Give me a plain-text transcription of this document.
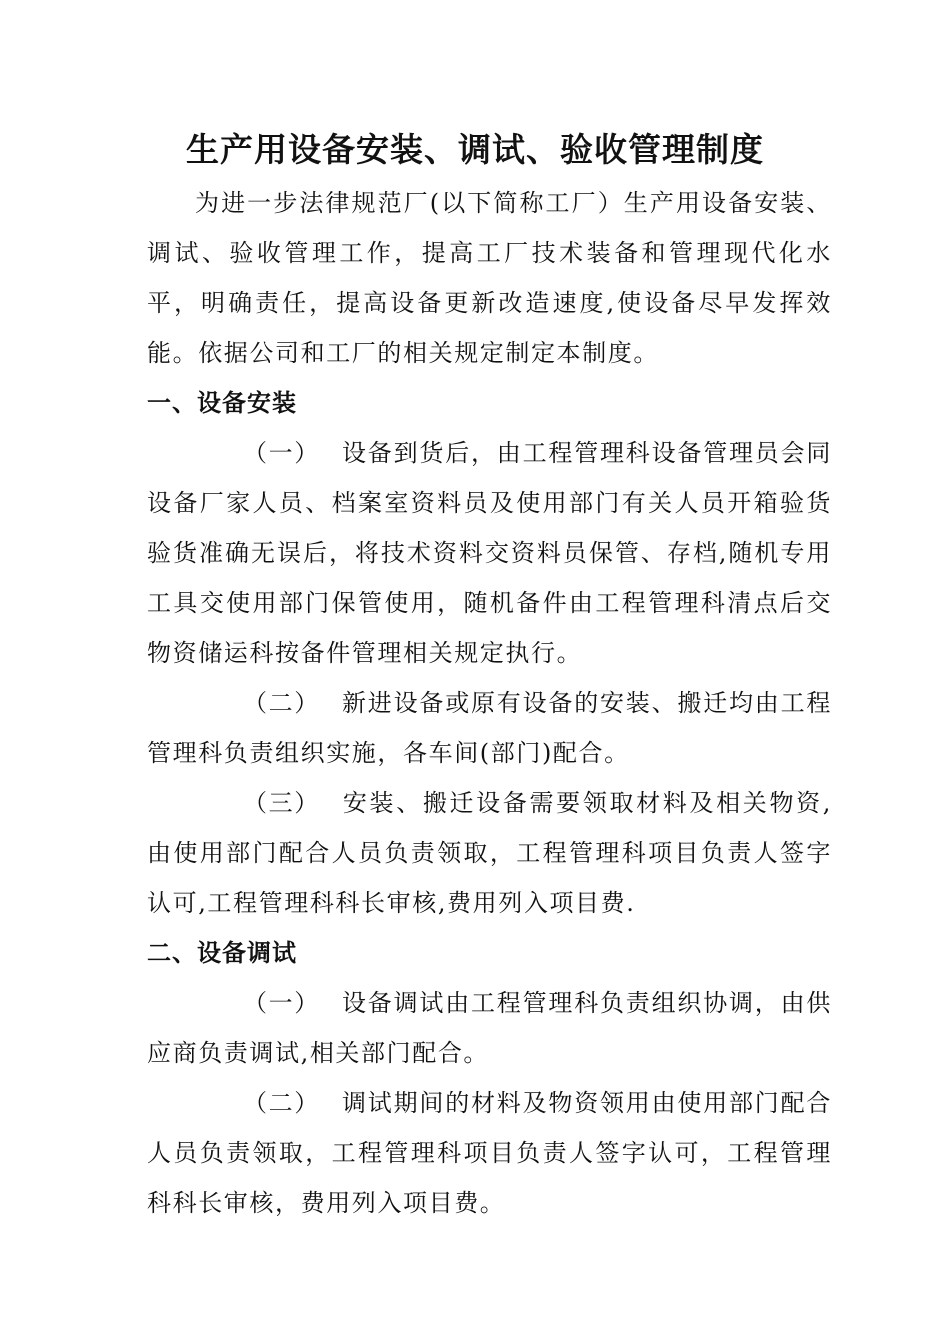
生产用设备安装、调试、验收管理制度

为进一步法律规范厂(以下简称工厂）生产用设备安装、调试、验收管理工作，提高工厂技术装备和管理现代化水平，明确责任，提高设备更新改造速度,使设备尽早发挥效能。依据公司和工厂的相关规定制定本制度。

一、设备安装

（一） 设备到货后，由工程管理科设备管理员会同设备厂家人员、档案室资料员及使用部门有关人员开箱验货验货准确无误后，将技术资料交资料员保管、存档,随机专用工具交使用部门保管使用，随机备件由工程管理科清点后交物资储运科按备件管理相关规定执行。

（二） 新进设备或原有设备的安装、搬迁均由工程管理科负责组织实施，各车间(部门)配合。

（三） 安装、搬迁设备需要领取材料及相关物资,由使用部门配合人员负责领取，工程管理科项目负责人签字认可,工程管理科科长审核,费用列入项目费.

二、设备调试

（一） 设备调试由工程管理科负责组织协调，由供应商负责调试,相关部门配合。

（二） 调试期间的材料及物资领用由使用部门配合人员负责领取，工程管理科项目负责人签字认可，工程管理科科长审核，费用列入项目费。
